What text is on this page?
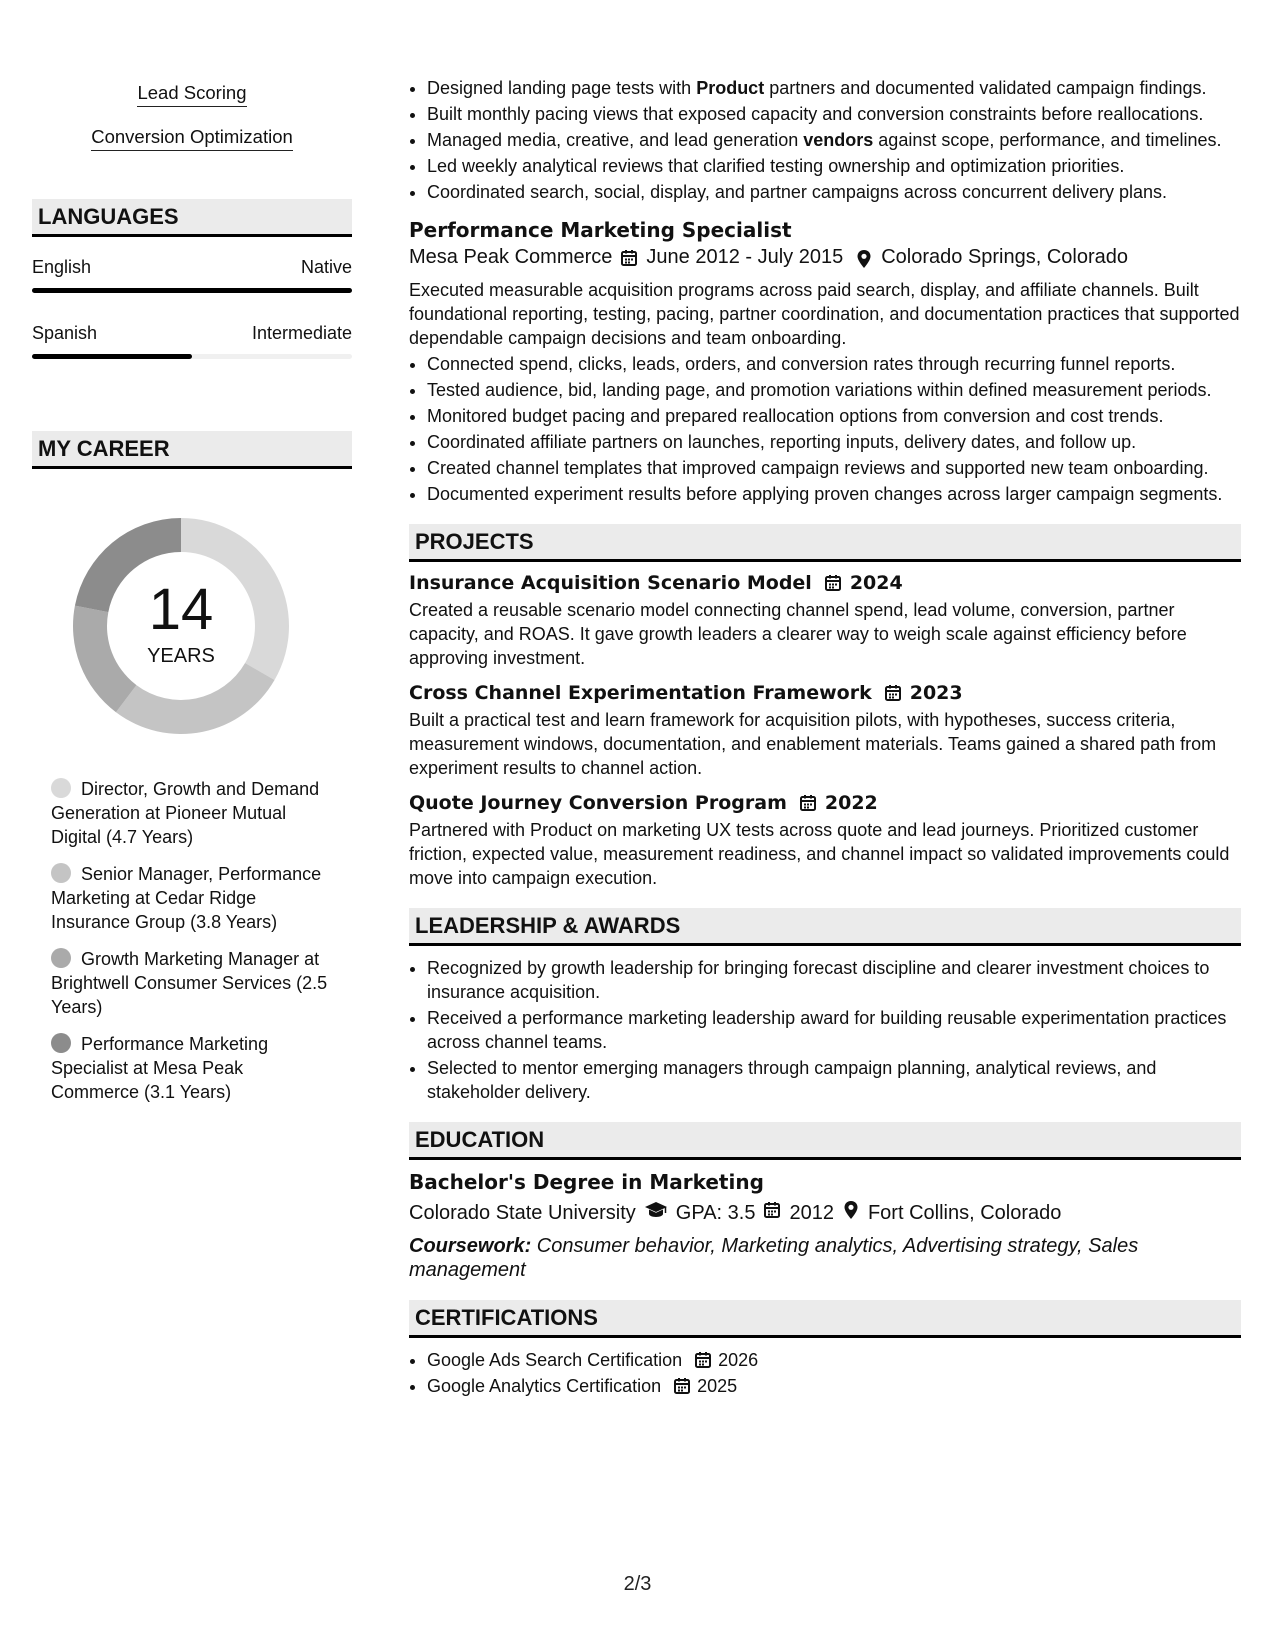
Lead Scoring
Conversion Optimization
LANGUAGES
English	Native
Spanish	Intermediate
MY CAREER
14
YEARS
Director, Growth and Demand Generation at Pioneer Mutual Digital (4.7 Years)
Senior Manager, Performance Marketing at Cedar Ridge Insurance Group (3.8 Years)
Growth Marketing Manager at Brightwell Consumer Services (2.5 Years)
Performance Marketing Specialist at Mesa Peak Commerce (3.1 Years)
• Designed landing page tests with Product partners and documented validated campaign findings.
• Built monthly pacing views that exposed capacity and conversion constraints before reallocations.
• Managed media, creative, and lead generation vendors against scope, performance, and timelines.
• Led weekly analytical reviews that clarified testing ownership and optimization priorities.
• Coordinated search, social, display, and partner campaigns across concurrent delivery plans.
Performance Marketing Specialist
Mesa Peak Commerce June 2012 - July 2015 Colorado Springs, Colorado
Executed measurable acquisition programs across paid search, display, and affiliate channels. Built foundational reporting, testing, pacing, partner coordination, and documentation practices that supported dependable campaign decisions and team onboarding.
• Connected spend, clicks, leads, orders, and conversion rates through recurring funnel reports.
• Tested audience, bid, landing page, and promotion variations within defined measurement periods.
• Monitored budget pacing and prepared reallocation options from conversion and cost trends.
• Coordinated affiliate partners on launches, reporting inputs, delivery dates, and follow up.
• Created channel templates that improved campaign reviews and supported new team onboarding.
• Documented experiment results before applying proven changes across larger campaign segments.
PROJECTS
Insurance Acquisition Scenario Model 2024
Created a reusable scenario model connecting channel spend, lead volume, conversion, partner capacity, and ROAS. It gave growth leaders a clearer way to weigh scale against efficiency before approving investment.
Cross Channel Experimentation Framework 2023
Built a practical test and learn framework for acquisition pilots, with hypotheses, success criteria, measurement windows, documentation, and enablement materials. Teams gained a shared path from experiment results to channel action.
Quote Journey Conversion Program 2022
Partnered with Product on marketing UX tests across quote and lead journeys. Prioritized customer friction, expected value, measurement readiness, and channel impact so validated improvements could move into campaign execution.
LEADERSHIP & AWARDS
• Recognized by growth leadership for bringing forecast discipline and clearer investment choices to insurance acquisition.
• Received a performance marketing leadership award for building reusable experimentation practices across channel teams.
• Selected to mentor emerging managers through campaign planning, analytical reviews, and stakeholder delivery.
EDUCATION
Bachelor's Degree in Marketing
Colorado State University GPA: 3.5 2012 Fort Collins, Colorado
Coursework: Consumer behavior, Marketing analytics, Advertising strategy, Sales management
CERTIFICATIONS
• Google Ads Search Certification 2026
• Google Analytics Certification 2025
2/3
